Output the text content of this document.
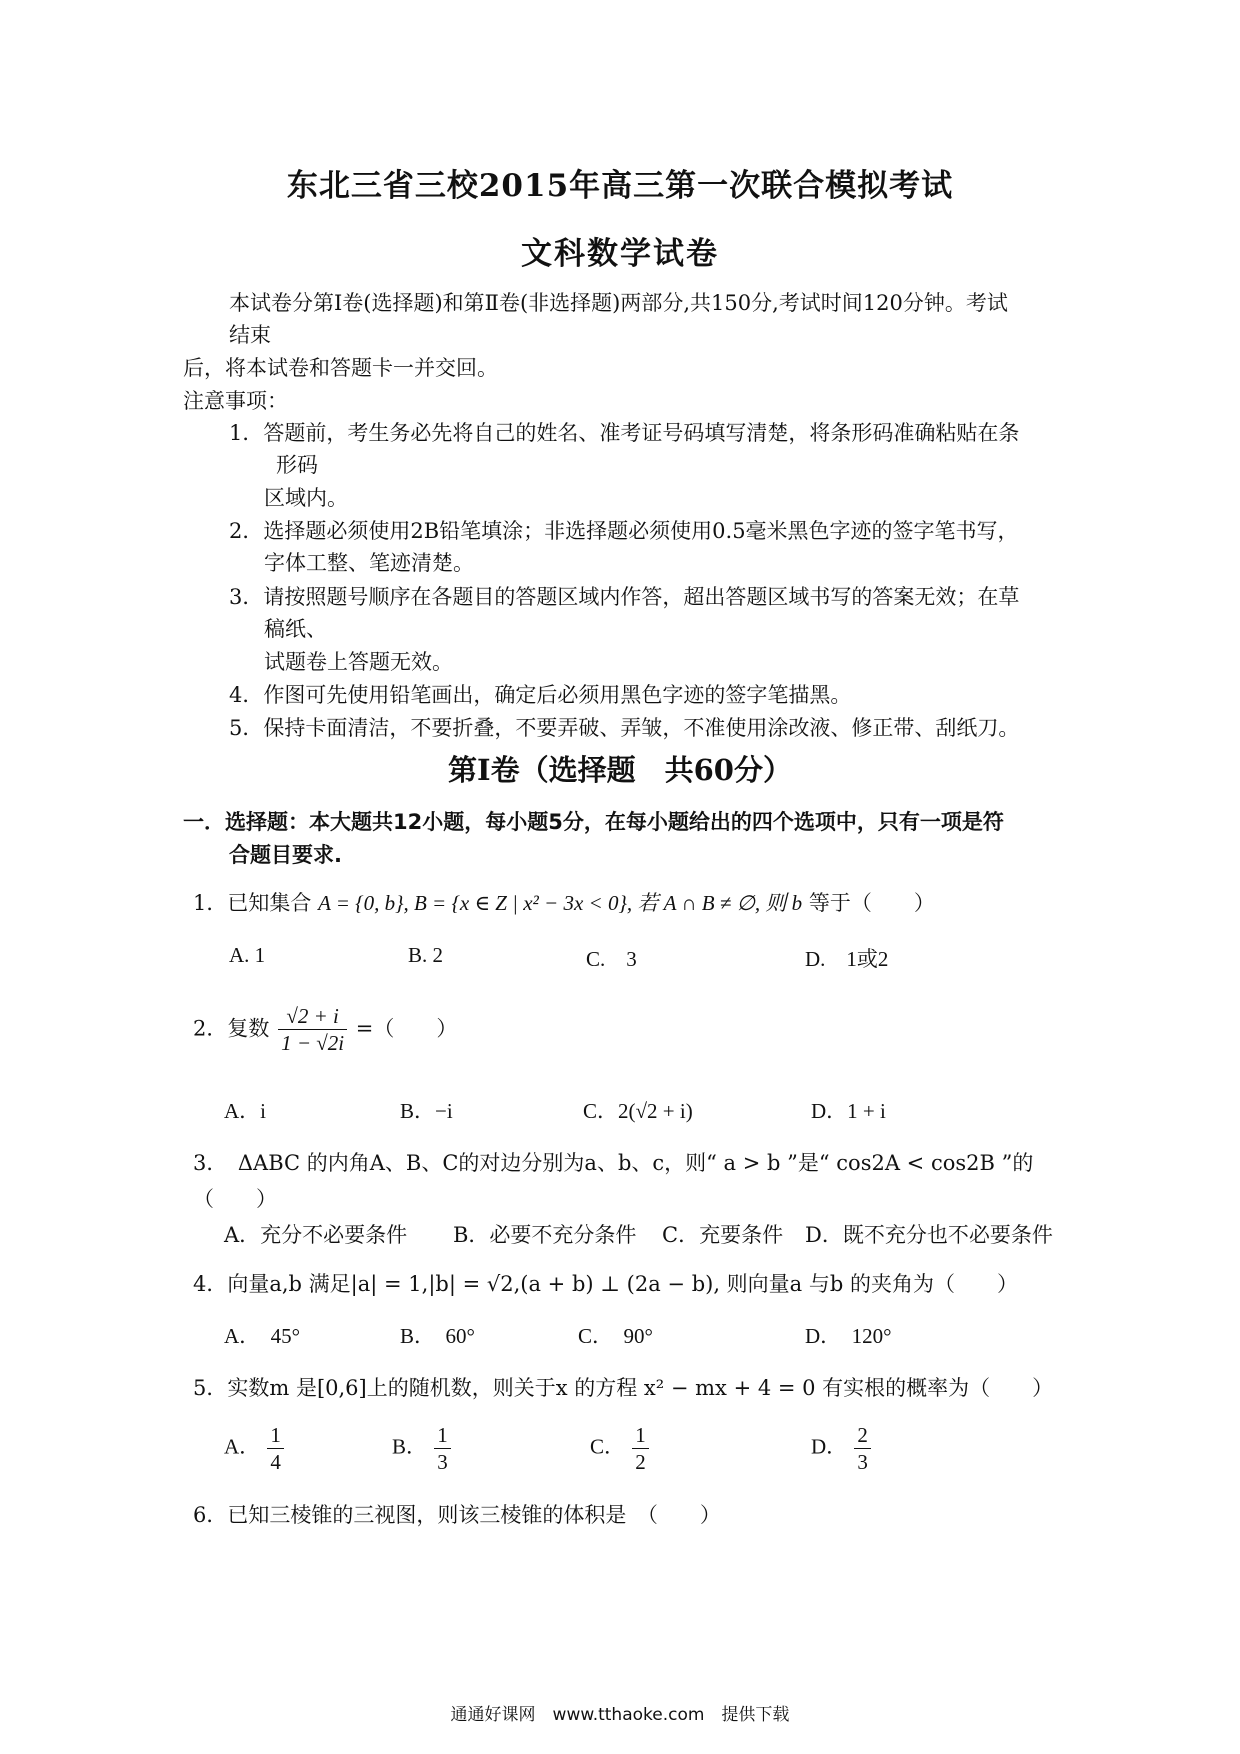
东北三省三校2015年高三第一次联合模拟考试
文科数学试卷
本试卷分第Ⅰ卷(选择题)和第Ⅱ卷(非选择题)两部分,共150分,考试时间120分钟。考试
结束
后，将本试卷和答题卡一并交回。
注意事项：
1．答题前，考生务必先将自己的姓名、准考证号码填写清楚，将条形码准确粘贴在条
形码
区域内。
2．选择题必须使用2B铅笔填涂；非选择题必须使用0.5毫米黑色字迹的签字笔书写，
字体工整、笔迹清楚。
3．请按照题号顺序在各题目的答题区域内作答，超出答题区域书写的答案无效；在草
稿纸、
试题卷上答题无效。
4．作图可先使用铅笔画出，确定后必须用黑色字迹的签字笔描黑。
5．保持卡面清洁，不要折叠，不要弄破、弄皱，不准使用涂改液、修正带、刮纸刀。
第Ⅰ卷（选择题　共60分）
一．选择题：本大题共12小题，每小题5分，在每小题给出的四个选项中，只有一项是符
合题目要求.
1．已知集合 A = {0, b}, B = {x ∈ Z | x² − 3x < 0}, 若 A ∩ B ≠ ∅, 则 b 等于（　　）
A. 1	B. 2	C.　3	D.　1或2
2．复数 $\frac{√2 + i}{1 - √2i}$ =（　　）
A．i	B．−i	C．2(√2 + i)	D．1 + i
3．　ΔABC 的内角A、B、C的对边分别为a、b、c，则“ a > b ”是“ cos2A < cos2B ”的
（　　）
A．充分不必要条件 B．必要不充分条件 C．充要条件 D．既不充分也不必要条件
4．向量a,b 满足|a| = 1,|b| = √2,(a + b) ⊥ (2a − b), 则向量a 与b 的夹角为（　　）
A．　45°	B．　60°	C．　90°	D．　120°
5．实数m 是[0,6]上的随机数，则关于x 的方程 x² − mx + 4 = 0 有实根的概率为（　　）
A． $\frac{1}{4}$	B． $\frac{1}{3}$	C． $\frac{1}{2}$	D． $\frac{2}{3}$
6．已知三棱锥的三视图，则该三棱锥的体积是　（　　）
通通好课网　www.tthaoke.com　提供下载
